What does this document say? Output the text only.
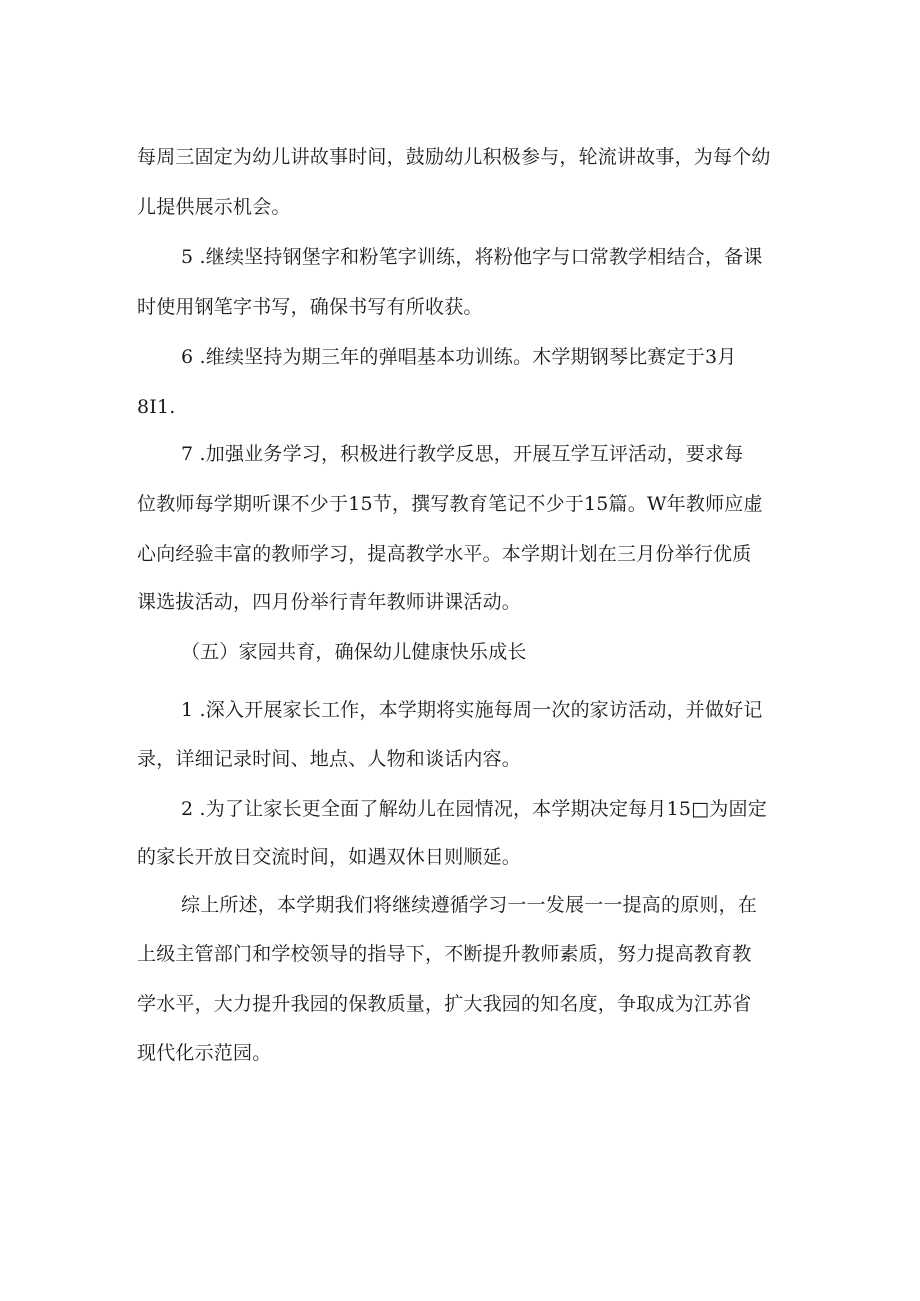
每周三固定为幼儿讲故事时间，鼓励幼儿积极参与，轮流讲故事，为每个幼
儿提供展示机会。
5 .继续坚持钢堡字和粉笔字训练，将粉他字与口常教学相结合，备课
时使用钢笔字书写，确保书写有所收获。
6 .维续坚持为期三年的弹唱基本功训练。木学期钢琴比赛定于3月
8I1.
7 .加强业务学习，积极进行教学反思，开展互学互评活动，要求每
位教师每学期听课不少于15节，撰写教育笔记不少于15篇。W年教师应虚
心向经验丰富的教师学习，提高教学水平。本学期计划在三月份举行优质
课选拔活动，四月份举行青年教师讲课活动。
（五）家园共育，确保幼儿健康快乐成长
1 .深入开展家长工作，本学期将实施每周一次的家访活动，并做好记
录，详细记录时间、地点、人物和谈话内容。
2 .为了让家长更全面了解幼儿在园情况，本学期决定每月15□为固定
的家长开放日交流时间，如遇双休日则顺延。
综上所述，本学期我们将继续遵循学习一一发展一一提高的原则，在
上级主管部门和学校领导的指导下，不断提升教师素质，努力提高教育教
学水平，大力提升我园的保教质量，扩大我园的知名度，争取成为江苏省
现代化示范园。
